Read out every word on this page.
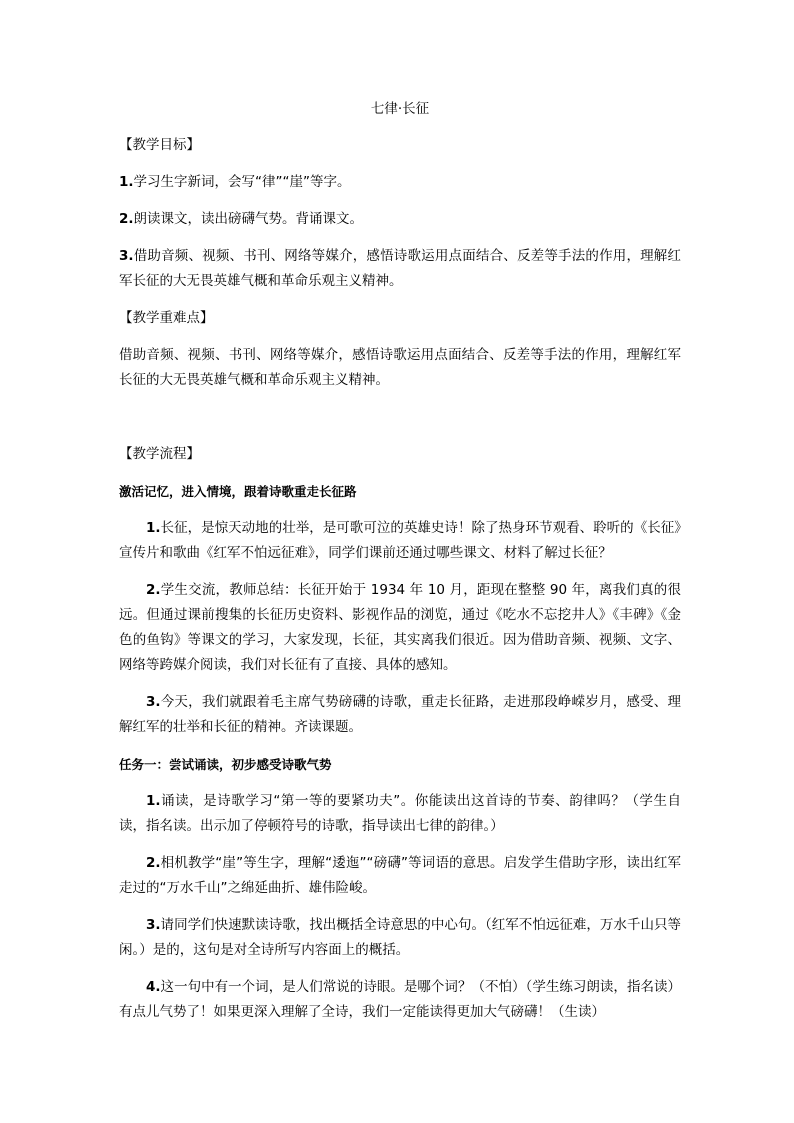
七律·长征
【教学目标】
1.学习生字新词，会写“律”“崖”等字。
2.朗读课文，读出磅礴气势。背诵课文。
3.借助音频、视频、书刊、网络等媒介，感悟诗歌运用点面结合、反差等手法的作用，理解红军长征的大无畏英雄气概和革命乐观主义精神。
【教学重难点】
借助音频、视频、书刊、网络等媒介，感悟诗歌运用点面结合、反差等手法的作用，理解红军长征的大无畏英雄气概和革命乐观主义精神。
【教学流程】
激活记忆，进入情境，跟着诗歌重走长征路
1.长征，是惊天动地的壮举，是可歌可泣的英雄史诗！除了热身环节观看、聆听的《长征》宣传片和歌曲《红军不怕远征难》，同学们课前还通过哪些课文、材料了解过长征？
2.学生交流，教师总结：长征开始于 1934 年 10 月，距现在整整 90 年，离我们真的很远。但通过课前搜集的长征历史资料、影视作品的浏览，通过《吃水不忘挖井人》《丰碑》《金色的鱼钩》等课文的学习，大家发现，长征，其实离我们很近。因为借助音频、视频、文字、网络等跨媒介阅读，我们对长征有了直接、具体的感知。
3.今天，我们就跟着毛主席气势磅礴的诗歌，重走长征路，走进那段峥嵘岁月，感受、理解红军的壮举和长征的精神。齐读课题。
任务一：尝试诵读，初步感受诗歌气势
1.诵读，是诗歌学习“第一等的要紧功夫”。你能读出这首诗的节奏、韵律吗？（学生自读，指名读。出示加了停顿符号的诗歌，指导读出七律的韵律。）
2.相机教学“崖”等生字，理解“逶迤”“磅礴”等词语的意思。启发学生借助字形，读出红军走过的“万水千山”之绵延曲折、雄伟险峻。
3.请同学们快速默读诗歌，找出概括全诗意思的中心句。（红军不怕远征难，万水千山只等闲。）是的，这句是对全诗所写内容面上的概括。
4.这一句中有一个词，是人们常说的诗眼。是哪个词？（不怕）（学生练习朗读，指名读）有点儿气势了！如果更深入理解了全诗，我们一定能读得更加大气磅礴！（生读）
